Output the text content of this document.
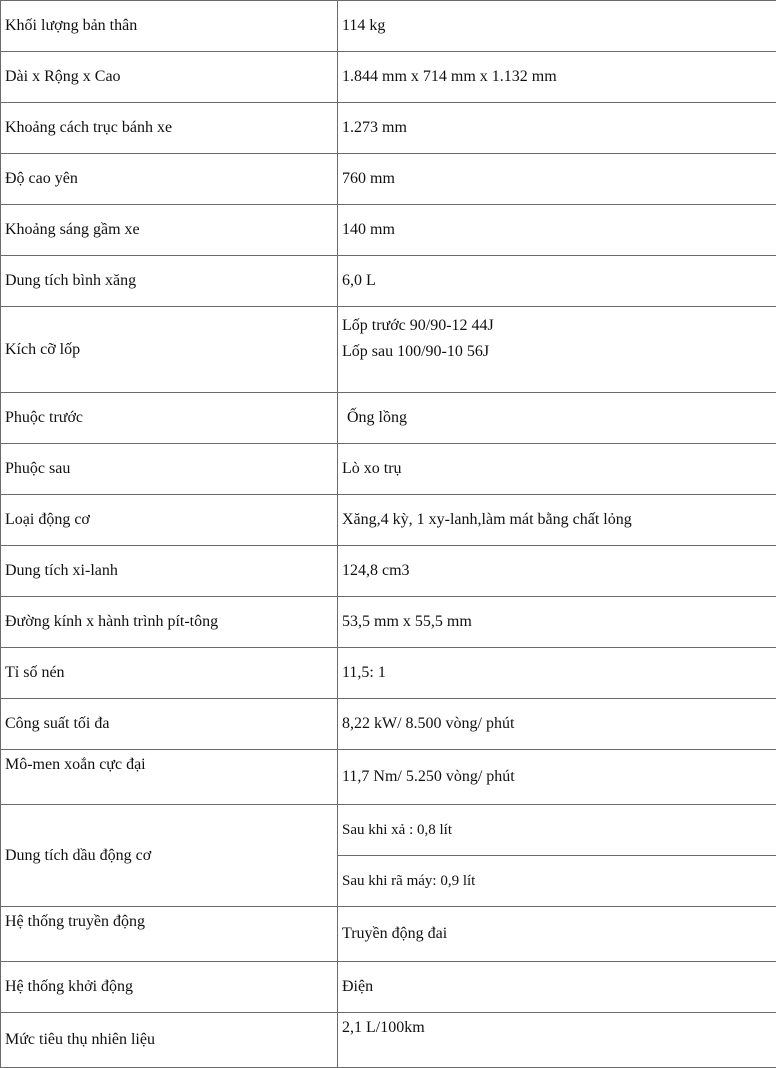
Khối lượng bản thân	114 kg
Dài x Rộng x Cao	1.844 mm x 714 mm x 1.132 mm
Khoảng cách trục bánh xe	1.273 mm
Độ cao yên	760 mm
Khoảng sáng gầm xe	140 mm
Dung tích bình xăng	6,0 L
Kích cỡ lốp	Lốp trước 90/90-12 44J
Lốp sau 100/90-10 56J

Phuộc trước	Ống lồng
Phuộc sau	Lò xo trụ
Loại động cơ	Xăng,4 kỳ, 1 xy-lanh,làm mát bằng chất lỏng
Dung tích xi-lanh	124,8 cm3
Đường kính x hành trình pít-tông	53,5 mm x 55,5 mm
Tỉ số nén	11,5: 1
Công suất tối đa	8,22 kW/ 8.500 vòng/ phút
Mô-men xoắn cực đại	11,7 Nm/ 5.250 vòng/ phút
Dung tích dầu động cơ	Sau khi xả : 0,8 lít
	Sau khi rã máy: 0,9 lít
Hệ thống truyền động	Truyền động đai
Hệ thống khởi động	Điện
Mức tiêu thụ nhiên liệu	2,1 L/100km
